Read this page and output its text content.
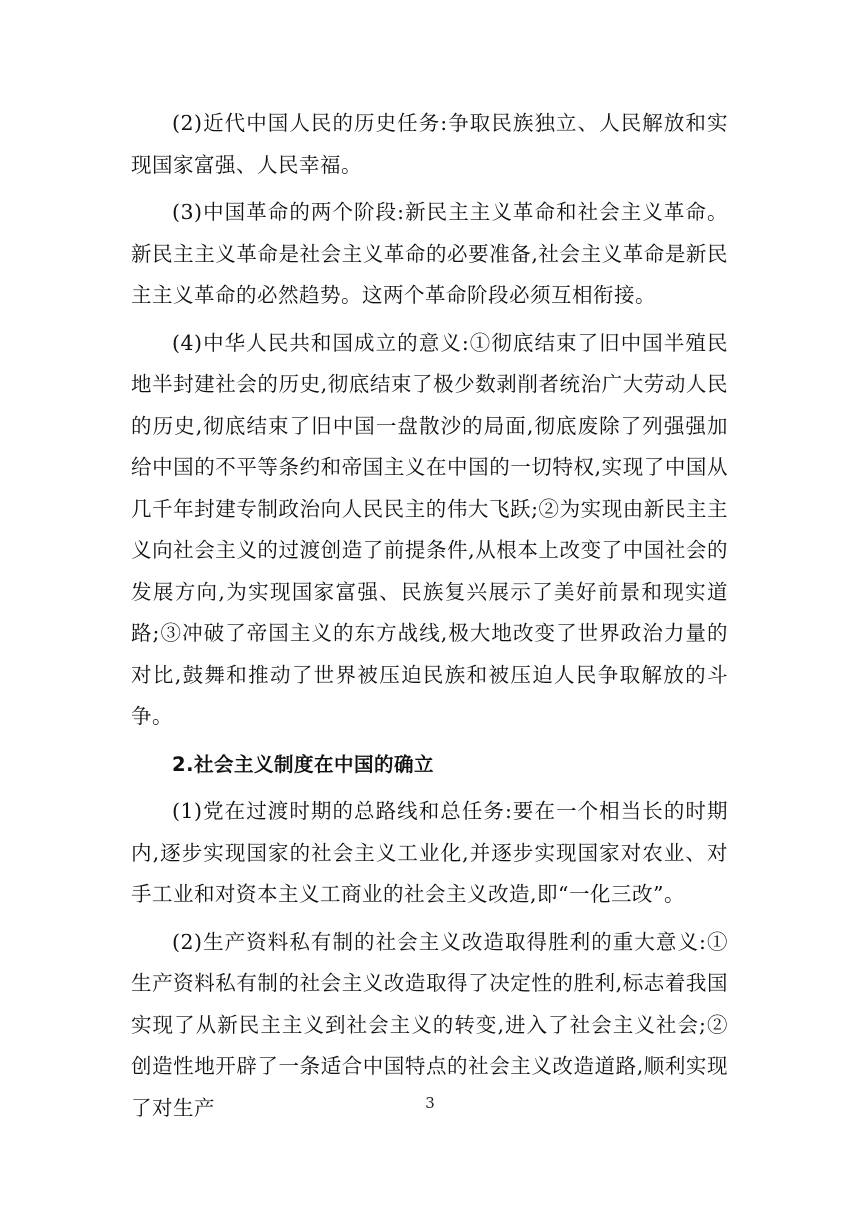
(2)近代中国人民的历史任务:争取民族独立、人民解放和实现国家富强、人民幸福。

(3)中国革命的两个阶段:新民主主义革命和社会主义革命。新民主主义革命是社会主义革命的必要准备,社会主义革命是新民主主义革命的必然趋势。这两个革命阶段必须互相衔接。

(4)中华人民共和国成立的意义:①彻底结束了旧中国半殖民地半封建社会的历史,彻底结束了极少数剥削者统治广大劳动人民的历史,彻底结束了旧中国一盘散沙的局面,彻底废除了列强强加给中国的不平等条约和帝国主义在中国的一切特权,实现了中国从几千年封建专制政治向人民民主的伟大飞跃;②为实现由新民主主义向社会主义的过渡创造了前提条件,从根本上改变了中国社会的发展方向,为实现国家富强、民族复兴展示了美好前景和现实道路;③冲破了帝国主义的东方战线,极大地改变了世界政治力量的对比,鼓舞和推动了世界被压迫民族和被压迫人民争取解放的斗争。

2.社会主义制度在中国的确立

(1)党在过渡时期的总路线和总任务:要在一个相当长的时期内,逐步实现国家的社会主义工业化,并逐步实现国家对农业、对手工业和对资本主义工商业的社会主义改造,即“一化三改”。

(2)生产资料私有制的社会主义改造取得胜利的重大意义:①生产资料私有制的社会主义改造取得了决定性的胜利,标志着我国实现了从新民主主义到社会主义的转变,进入了社会主义社会;②创造性地开辟了一条适合中国特点的社会主义改造道路,顺利实现了对生产	3
